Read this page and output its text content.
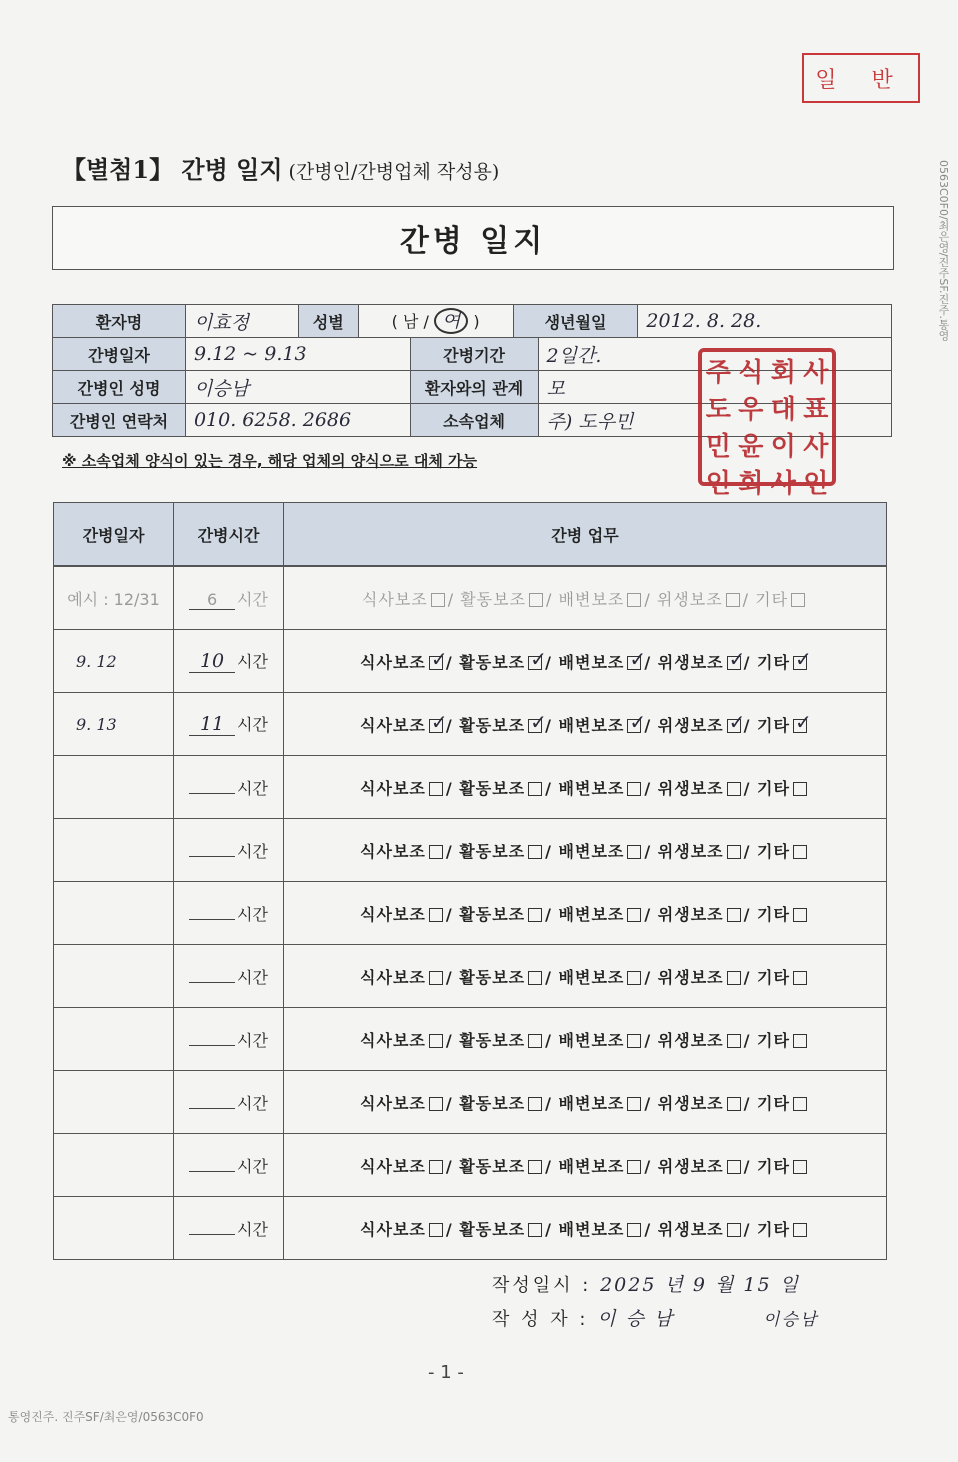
일 반
【별첨1】 간병 일지 (간병인/간병업체 작성용)
간병 일지
환자명	이효정	성별	( 남 / 여 )		생년월일		2012. 8. 28.
간병일자	9.12 ~ 9.13			간병기간		2일간.	
간병인 성명	이승남			환자와의 관계		모	
간병인 연락처	010. 6258. 2686			소속업체		주) 도우민	
주 식 회 사
도 우 대 표
민 윤 이 사
인 회 사 인
※ 소속업체 양식이 있는 경우, 해당 업체의 양식으로 대체 가능
간병일자	간병시간	간병 업무
예시 : 12/31	6 시간	식사보조 / 활동보조 / 배변보조 / 위생보조 / 기타
9. 12	10 시간	식사보조 ✓ / 활동보조 ✓ / 배변보조 ✓ / 위생보조 ✓ / 기타✓
9. 13	11 시간	식사보조 ✓ / 활동보조 ✓ / 배변보조 ✓ / 위생보조 ✓ / 기타✓
	시간	식사보조 / 활동보조 / 배변보조 / 위생보조 / 기타
	시간	식사보조 / 활동보조 / 배변보조 / 위생보조 / 기타
	시간	식사보조 / 활동보조 / 배변보조 / 위생보조 / 기타
	시간	식사보조 / 활동보조 / 배변보조 / 위생보조 / 기타
	시간	식사보조 / 활동보조 / 배변보조 / 위생보조 / 기타
	시간	식사보조 / 활동보조 / 배변보조 / 위생보조 / 기타
	시간	식사보조 / 활동보조 / 배변보조 / 위생보조 / 기타
	시간	식사보조 / 활동보조 / 배변보조 / 위생보조 / 기타
작성일시 : 2025 년 9 월 15 일
작 성 자 : 이 승 남	이승남
- 1 -
통영진주. 진주SF/최은영/0563C0F0
0563C0F0/최은영/진주SF.진주.통영
